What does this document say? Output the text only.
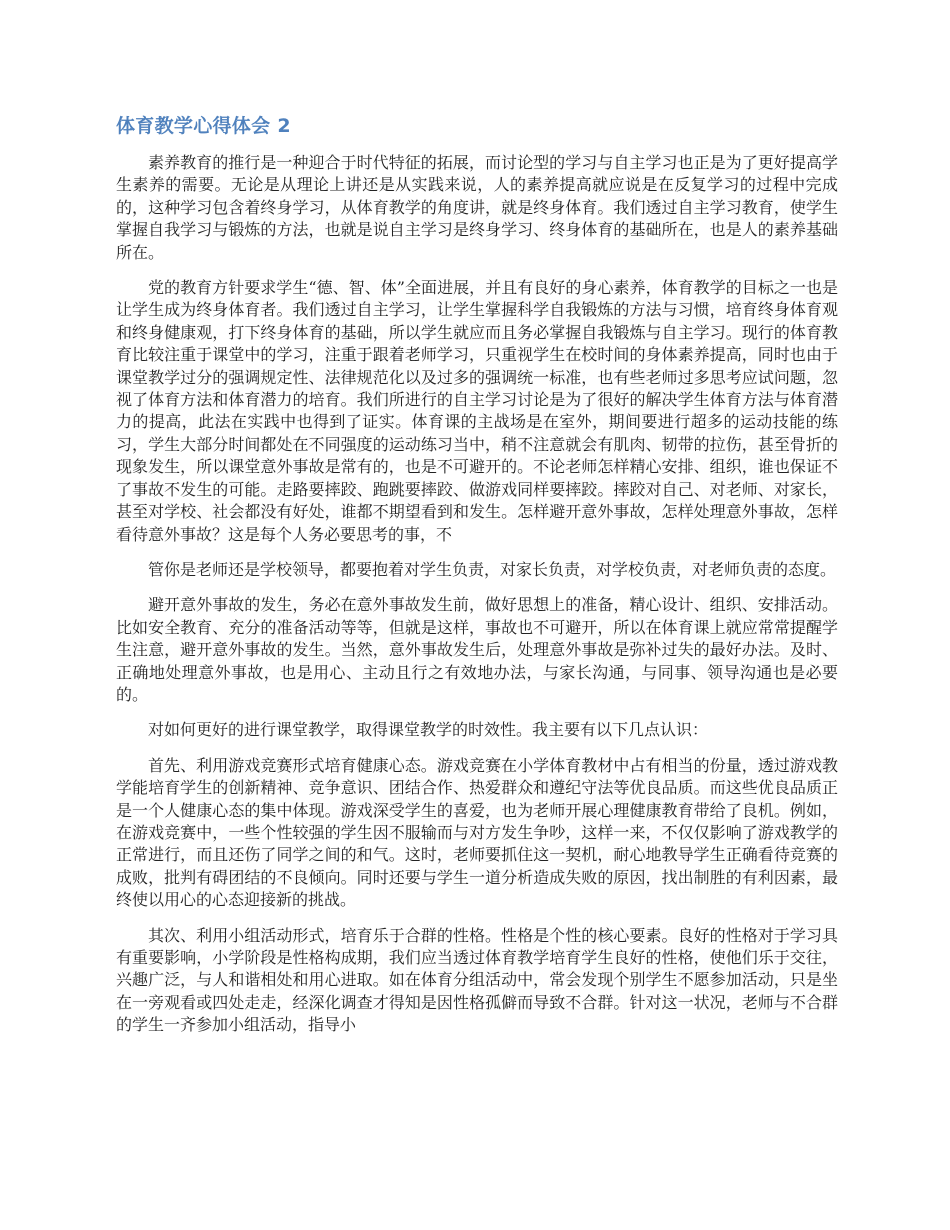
体育教学心得体会 2

素养教育的推行是一种迎合于时代特征的拓展，而讨论型的学习与自主学习也正是为了更好提高学生素养的需要。无论是从理论上讲还是从实践来说，人的素养提高就应说是在反复学习的过程中完成的，这种学习包含着终身学习，从体育教学的角度讲，就是终身体育。我们透过自主学习教育，使学生掌握自我学习与锻炼的方法，也就是说自主学习是终身学习、终身体育的基础所在，也是人的素养基础所在。

党的教育方针要求学生“德、智、体”全面进展，并且有良好的身心素养，体育教学的目标之一也是让学生成为终身体育者。我们透过自主学习，让学生掌握科学自我锻炼的方法与习惯，培育终身体育观和终身健康观，打下终身体育的基础，所以学生就应而且务必掌握自我锻炼与自主学习。现行的体育教育比较注重于课堂中的学习，注重于跟着老师学习，只重视学生在校时间的身体素养提高，同时也由于课堂教学过分的强调规定性、法律规范化以及过多的强调统一标准，也有些老师过多思考应试问题，忽视了体育方法和体育潜力的培育。我们所进行的自主学习讨论是为了很好的解决学生体育方法与体育潜力的提高，此法在实践中也得到了证实。体育课的主战场是在室外，期间要进行超多的运动技能的练习，学生大部分时间都处在不同强度的运动练习当中，稍不注意就会有肌肉、韧带的拉伤，甚至骨折的现象发生，所以课堂意外事故是常有的，也是不可避开的。不论老师怎样精心安排、组织，谁也保证不了事故不发生的可能。走路要摔跤、跑跳要摔跤、做游戏同样要摔跤。摔跤对自己、对老师、对家长，甚至对学校、社会都没有好处，谁都不期望看到和发生。怎样避开意外事故，怎样处理意外事故，怎样看待意外事故？这是每个人务必要思考的事，不

管你是老师还是学校领导，都要抱着对学生负责，对家长负责，对学校负责，对老师负责的态度。

避开意外事故的发生，务必在意外事故发生前，做好思想上的准备，精心设计、组织、安排活动。比如安全教育、充分的准备活动等等，但就是这样，事故也不可避开，所以在体育课上就应常常提醒学生注意，避开意外事故的发生。当然，意外事故发生后，处理意外事故是弥补过失的最好办法。及时、正确地处理意外事故，也是用心、主动且行之有效地办法，与家长沟通，与同事、领导沟通也是必要的。

对如何更好的进行课堂教学，取得课堂教学的时效性。我主要有以下几点认识：

首先、利用游戏竞赛形式培育健康心态。游戏竞赛在小学体育教材中占有相当的份量，透过游戏教学能培育学生的创新精神、竞争意识、团结合作、热爱群众和遵纪守法等优良品质。而这些优良品质正是一个人健康心态的集中体现。游戏深受学生的喜爱，也为老师开展心理健康教育带给了良机。例如，在游戏竞赛中，一些个性较强的学生因不服输而与对方发生争吵，这样一来，不仅仅影响了游戏教学的正常进行，而且还伤了同学之间的和气。这时，老师要抓住这一契机，耐心地教导学生正确看待竞赛的成败，批判有碍团结的不良倾向。同时还要与学生一道分析造成失败的原因，找出制胜的有利因素，最终使以用心的心态迎接新的挑战。

其次、利用小组活动形式，培育乐于合群的性格。性格是个性的核心要素。良好的性格对于学习具有重要影响，小学阶段是性格构成期，我们应当透过体育教学培育学生良好的性格，使他们乐于交往，兴趣广泛，与人和谐相处和用心进取。如在体育分组活动中，常会发现个别学生不愿参加活动，只是坐在一旁观看或四处走走，经深化调查才得知是因性格孤僻而导致不合群。针对这一状况，老师与不合群的学生一齐参加小组活动，指导小
